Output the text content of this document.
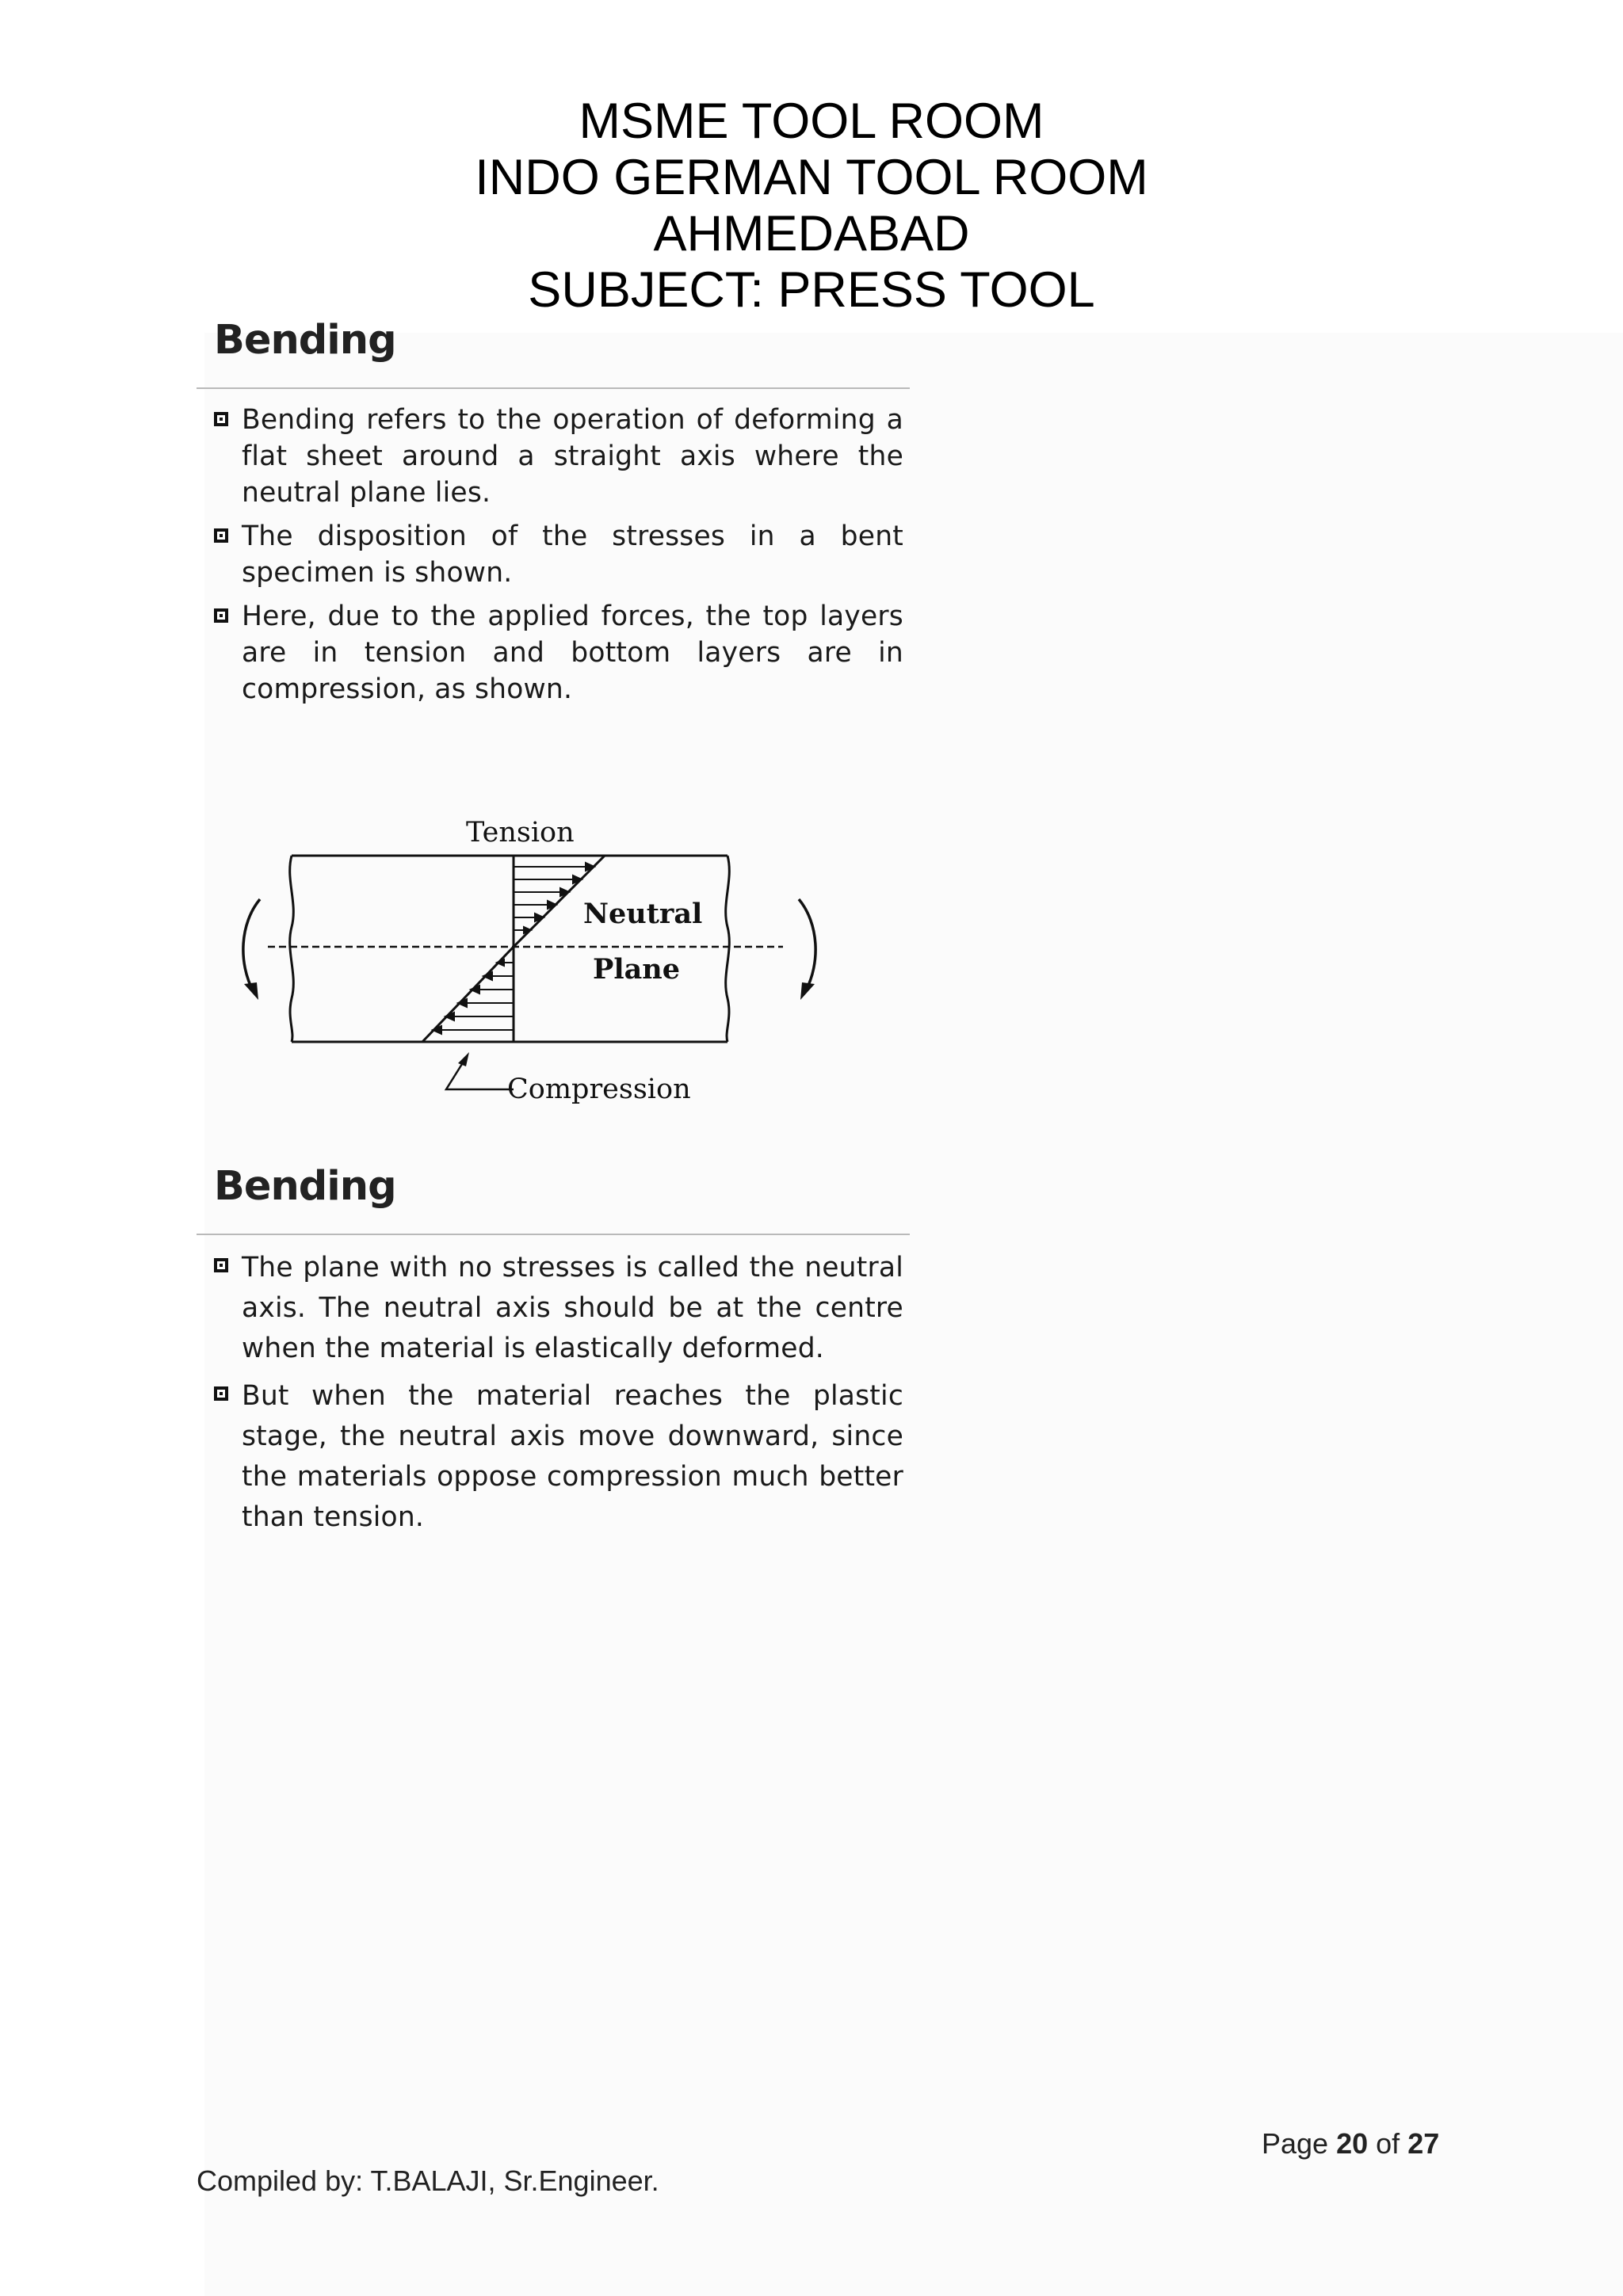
MSME TOOL ROOM
INDO GERMAN TOOL ROOM
AHMEDABAD
SUBJECT: PRESS TOOL
Bending
Bending refers to the operation of deforming a flat sheet around a straight axis where the neutral plane lies.
The disposition of the stresses in a bent specimen is shown.
Here, due to the applied forces, the top layers are in tension and bottom layers are in compression, as shown.
Tension
Neutral
Plane
Compression
Bending
The plane with no stresses is called the neutral axis. The neutral axis should be at the centre when the material is elastically deformed.
But when the material reaches the plastic stage, the neutral axis move downward, since the materials oppose compression much better than tension.
Page 20 of 27
Compiled by: T.BALAJI, Sr.Engineer.
